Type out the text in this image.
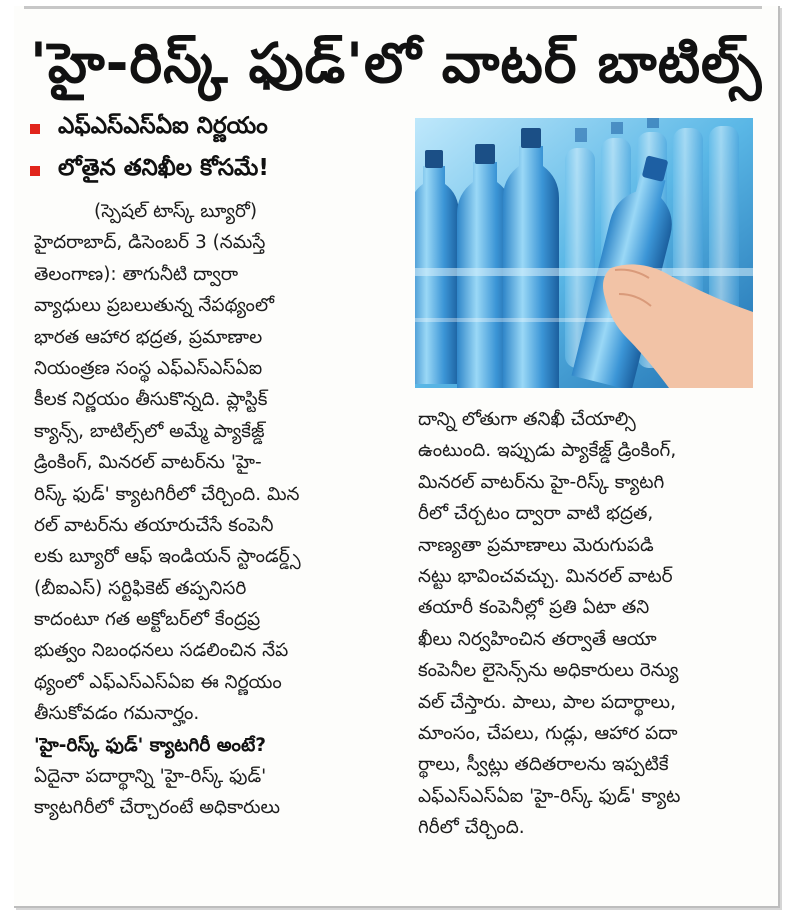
'హై-రిస్క్ ఫుడ్'లో వాటర్ బాటిల్స్
ఎఫ్ఎస్ఎస్ఏఐ నిర్ణయం
లోతైన తనిఖీల కోసమే!
(స్పెషల్ టాస్క్ బ్యూరో)
హైదరాబాద్, డిసెంబర్ 3 (నమస్తే
తెలంగాణ): తాగునీటి ద్వారా
వ్యాధులు ప్రబలుతున్న నేపథ్యంలో
భారత ఆహార భద్రత, ప్రమాణాల
నియంత్రణ సంస్థ ఎఫ్ఎస్ఎస్ఏఐ
కీలక నిర్ణయం తీసుకొన్నది. ప్లాస్టిక్
క్యాన్స్, బాటిల్స్‌లో అమ్మే ప్యాకేజ్డ్
డ్రింకింగ్, మినరల్ వాటర్‌ను 'హై-
రిస్క్ ఫుడ్' క్యాటగిరీలో చేర్చింది. మిన
రల్ వాటర్‌ను తయారుచేసే కంపెనీ
లకు బ్యూరో ఆఫ్ ఇండియన్ స్టాండర్డ్స్
(బీఐఎస్) సర్టిఫికెట్ తప్పనిసరి
కాదంటూ గత అక్టోబర్‌లో కేంద్రప్ర
భుత్వం నిబంధనలు సడలించిన నేప
థ్యంలో ఎఫ్ఎస్ఎస్ఏఐ ఈ నిర్ణయం
తీసుకోవడం గమనార్హం.
'హై-రిస్క్ ఫుడ్' క్యాటగిరీ అంటే?
ఏదైనా పదార్థాన్ని 'హై-రిస్క్ ఫుడ్'
క్యాటగిరీలో చేర్చారంటే అధికారులు
దాన్ని లోతుగా తనిఖీ చేయాల్సి
ఉంటుంది. ఇప్పుడు ప్యాకేజ్డ్ డ్రింకింగ్,
మినరల్ వాటర్‌ను హై-రిస్క్ క్యాటగి
రీలో చేర్చటం ద్వారా వాటి భద్రత,
నాణ్యతా ప్రమాణాలు మెరుగుపడి
నట్టు భావించవచ్చు. మినరల్ వాటర్
తయారీ కంపెనీల్లో ప్రతి ఏటా తని
ఖీలు నిర్వహించిన తర్వాతే ఆయా
కంపెనీల లైసెన్స్‌ను అధికారులు రెన్యు
వల్ చేస్తారు. పాలు, పాల పదార్థాలు,
మాంసం, చేపలు, గుడ్లు, ఆహార పదా
ర్థాలు, స్వీట్లు తదితరాలను ఇప్పటికే
ఎఫ్ఎస్ఎస్ఏఐ 'హై-రిస్క్ ఫుడ్' క్యాట
గిరీలో చేర్చింది.
